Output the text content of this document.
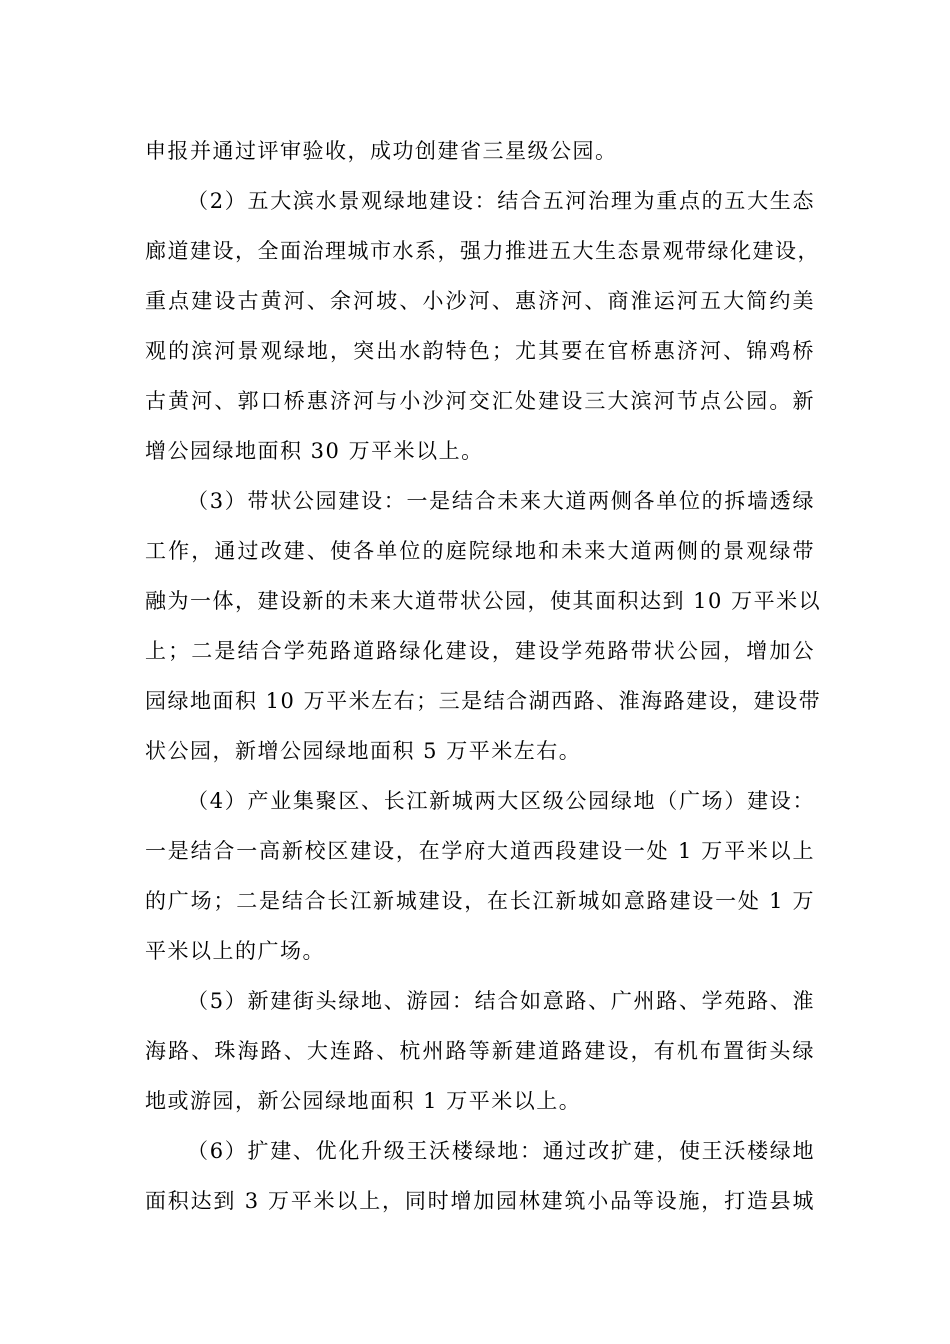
申报并通过评审验收，成功创建省三星级公园。
（2）五大滨水景观绿地建设：结合五河治理为重点的五大生态
廊道建设，全面治理城市水系，强力推进五大生态景观带绿化建设，
重点建设古黄河、余河坡、小沙河、惠济河、商淮运河五大简约美
观的滨河景观绿地，突出水韵特色；尤其要在官桥惠济河、锦鸡桥
古黄河、郭口桥惠济河与小沙河交汇处建设三大滨河节点公园。新
增公园绿地面积 30 万平米以上。
（3）带状公园建设：一是结合未来大道两侧各单位的拆墙透绿
工作，通过改建、使各单位的庭院绿地和未来大道两侧的景观绿带
融为一体，建设新的未来大道带状公园，使其面积达到 10 万平米以
上；二是结合学苑路道路绿化建设，建设学苑路带状公园，增加公
园绿地面积 10 万平米左右；三是结合湖西路、淮海路建设，建设带
状公园，新增公园绿地面积 5 万平米左右。
（4）产业集聚区、长江新城两大区级公园绿地（广场）建设：
一是结合一高新校区建设，在学府大道西段建设一处 1 万平米以上
的广场；二是结合长江新城建设，在长江新城如意路建设一处 1 万
平米以上的广场。
（5）新建街头绿地、游园：结合如意路、广州路、学苑路、淮
海路、珠海路、大连路、杭州路等新建道路建设，有机布置街头绿
地或游园，新公园绿地面积 1 万平米以上。
（6）扩建、优化升级王沃楼绿地：通过改扩建，使王沃楼绿地
面积达到 3 万平米以上，同时增加园林建筑小品等设施，打造县城
